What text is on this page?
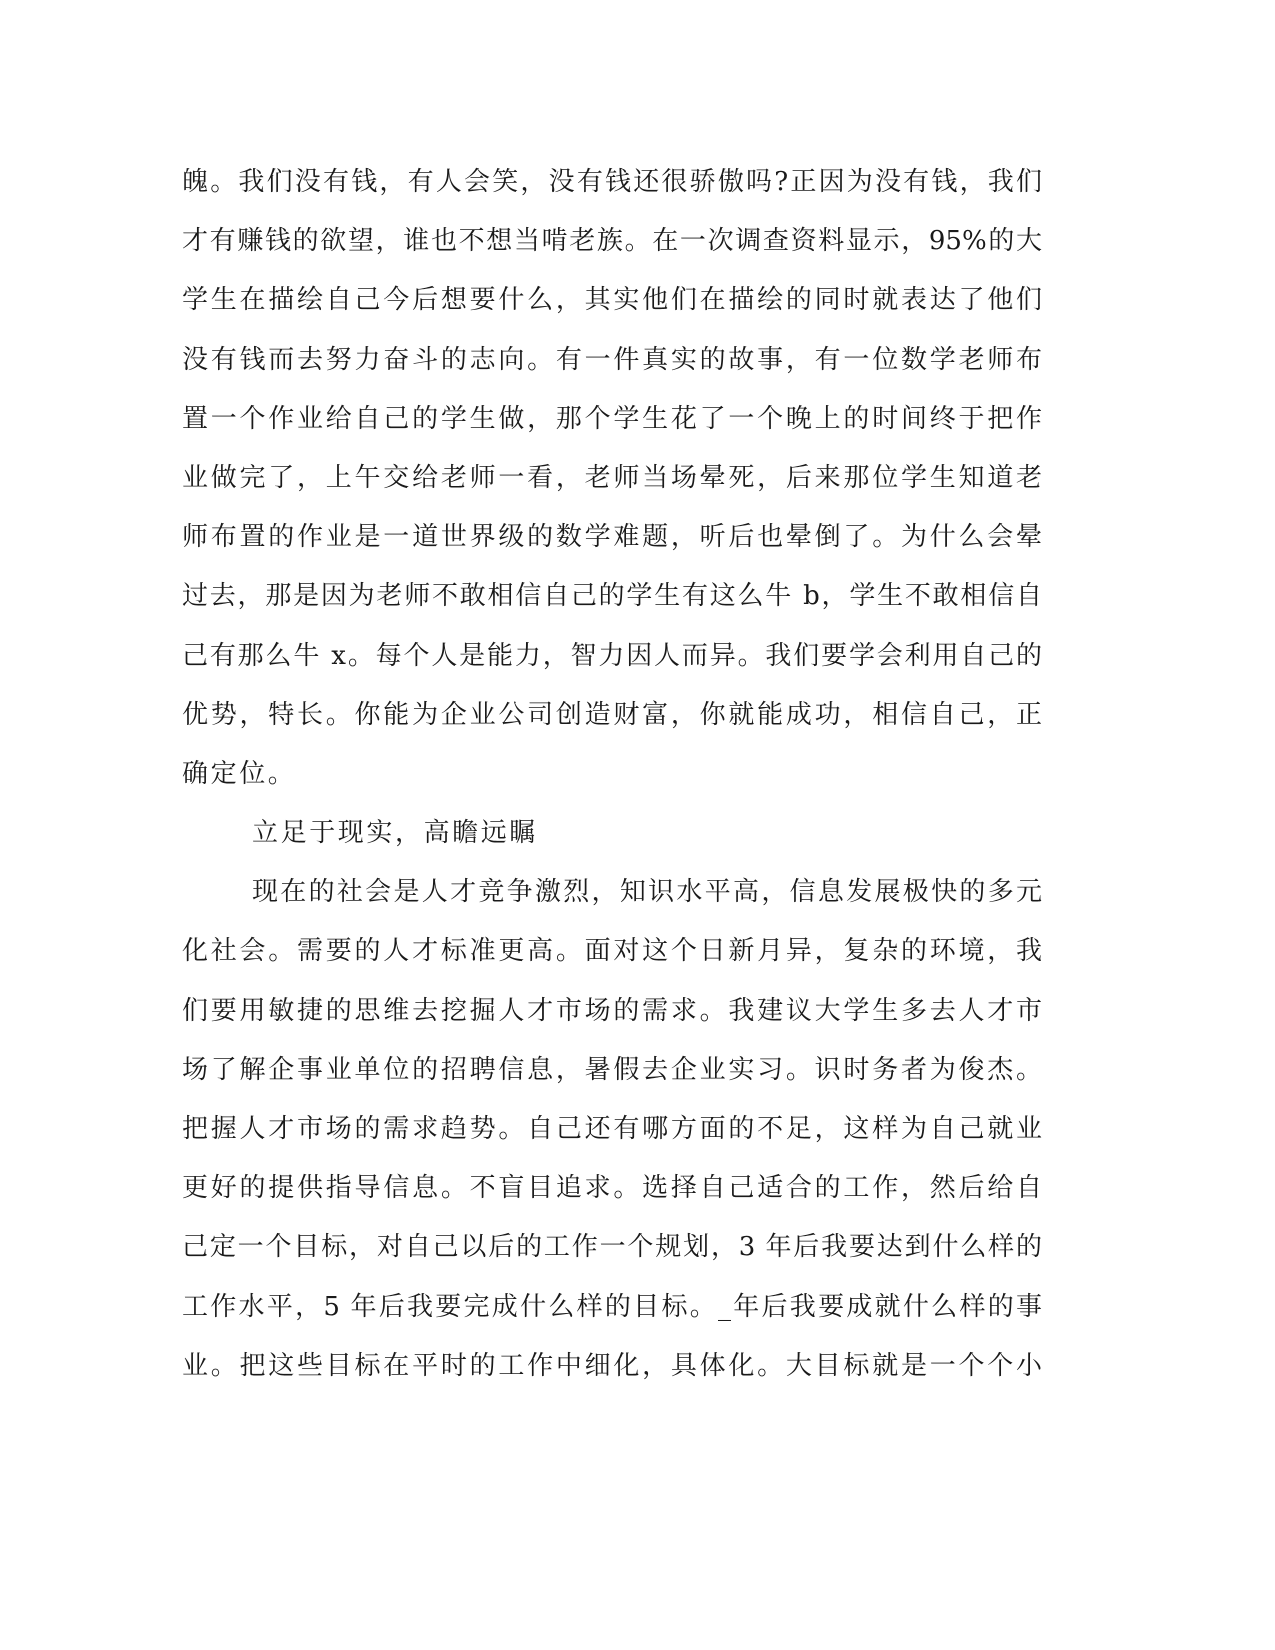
魄。我们没有钱，有人会笑，没有钱还很骄傲吗?正因为没有钱，我们
才有赚钱的欲望，谁也不想当啃老族。在一次调查资料显示，95%的大
学生在描绘自己今后想要什么，其实他们在描绘的同时就表达了他们
没有钱而去努力奋斗的志向。有一件真实的故事，有一位数学老师布
置一个作业给自己的学生做，那个学生花了一个晚上的时间终于把作
业做完了，上午交给老师一看，老师当场晕死，后来那位学生知道老
师布置的作业是一道世界级的数学难题，听后也晕倒了。为什么会晕
过去，那是因为老师不敢相信自己的学生有这么牛 b，学生不敢相信自
己有那么牛 x。每个人是能力，智力因人而异。我们要学会利用自己的
优势，特长。你能为企业公司创造财富，你就能成功，相信自己，正
确定位。
立足于现实，高瞻远瞩
现在的社会是人才竞争激烈，知识水平高，信息发展极快的多元
化社会。需要的人才标准更高。面对这个日新月异，复杂的环境，我
们要用敏捷的思维去挖掘人才市场的需求。我建议大学生多去人才市
场了解企事业单位的招聘信息，暑假去企业实习。识时务者为俊杰。
把握人才市场的需求趋势。自己还有哪方面的不足，这样为自己就业
更好的提供指导信息。不盲目追求。选择自己适合的工作，然后给自
己定一个目标，对自己以后的工作一个规划，3 年后我要达到什么样的
工作水平，5 年后我要完成什么样的目标。_年后我要成就什么样的事
业。把这些目标在平时的工作中细化，具体化。大目标就是一个个小
